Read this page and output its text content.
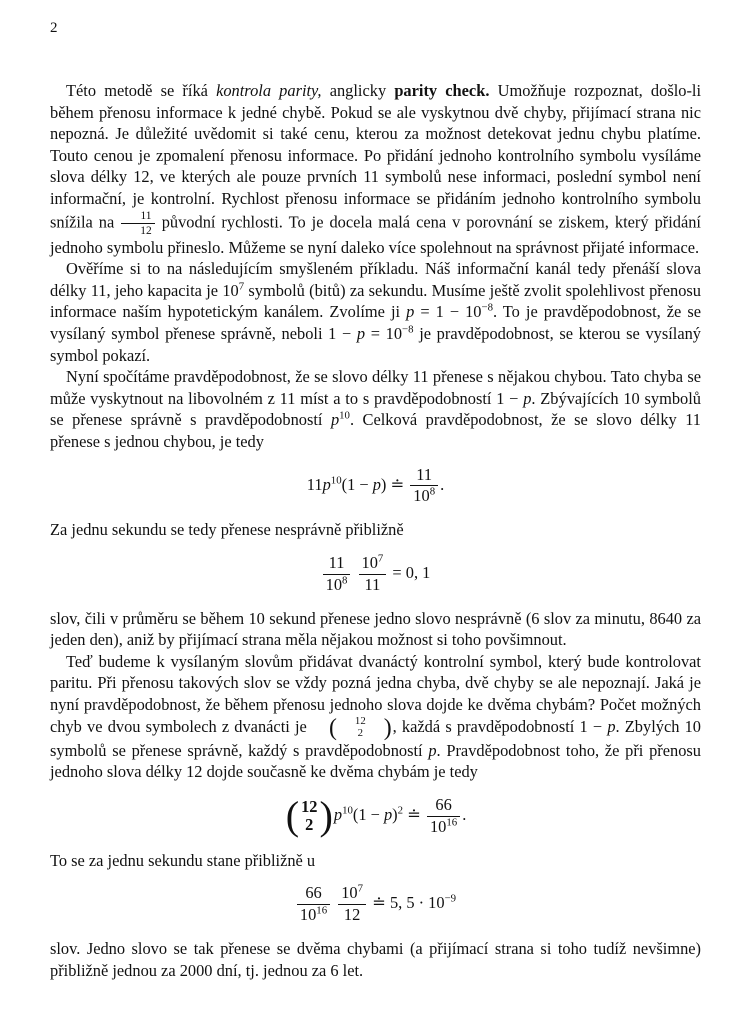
2

Této metodě se říká kontrola parity, anglicky parity check. Umožňuje rozpoznat, došlo-li během přenosu informace k jedné chybě. Pokud se ale vyskytnou dvě chyby, přijímací strana nic nepozná. Je důležité uvědomit si také cenu, kterou za možnost detekovat jednu chybu platíme. Touto cenou je zpomalení přenosu informace. Po přidání jednoho kontrolního symbolu vysíláme slova délky 12, ve kterých ale pouze prvních 11 symbolů nese informaci, poslední symbol není informační, je kontrolní. Rychlost přenosu informace se přidáním jednoho kontrolního symbolu snížila na $\frac{11}{12}$ původní rychlosti. To je docela malá cena v porovnání se ziskem, který přidání jednoho symbolu přineslo. Můžeme se nyní daleko více spolehnout na správnost přijaté informace.

Ověříme si to na následujícím smyšleném příkladu. Náš informační kanál tedy přenáší slova délky 11, jeho kapacita je $10^7$ symbolů (bitů) za sekundu. Musíme ještě zvolit spolehlivost přenosu informace naším hypotetickým kanálem. Zvolíme ji $p = 1 - 10^{-8}$. To je pravděpodobnost, že se vysílaný symbol přenese správně, neboli $1 - p = 10^{-8}$ je pravděpodobnost, se kterou se vysílaný symbol pokazí.

Nyní spočítáme pravděpodobnost, že se slovo délky 11 přenese s nějakou chybou. Tato chyba se může vyskytnout na libovolném z 11 míst a to s pravděpodobností 1 − p. Zbývajících 10 symbolů se přenese správně s pravděpodobností $p^{10}$. Celková pravděpodobnost, že se slovo délky 11 přenese s jednou chybou, je tedy

$11p^{10}(1 - p)$ ≐ $\frac{11}{10^8}$ .

Za jednu sekundu se tedy přenese nesprávně přibližně

$\frac{11}{10^8}$
$\frac{10^7}{11} = 0$, 1

slov, čili v průměru se během 10 sekund přenese jedno slovo nesprávně (6 slov za minutu, 8640 za jeden den), aniž by přijímací strana měla nějakou možnost si toho povšimnout.

Teď budeme k vysílaným slovům přidávat dvanáctý kontrolní symbol, který bude kontrolovat paritu. Při přenosu takových slov se vždy pozná jedna chyba, dvě chyby se ale nepoznají. Jaká je nyní pravděpodobnost, že během přenosu jednoho slova dojde ke dvěma chybám? Počet možných chyb ve dvou symbolech z dvanácti je (	12
2 ) , každá s pravděpodobností 1 − p. Zbylých 10 symbolů se přenese správně, každý s pravděpodobností p. Pravděpodobnost toho, že při přenosu jednoho slova délky 12 dojde současně ke dvěma chybám je tedy

( 12
2 ) $p^{10}(1 - p)^2$ ≐ $\frac{66}{10^{16}}$ .

To se za jednu sekundu stane přibližně u

$\frac{66}{10^{16}}$
$\frac{10^7}{12}$ ≐ 5, $5 \cdot 10^{-9}$

slov. Jedno slovo se tak přenese se dvěma chybami (a přijímací strana si toho tudíž nevšimne) přibližně jednou za 2000 dní, tj. jednou za 6 let.
